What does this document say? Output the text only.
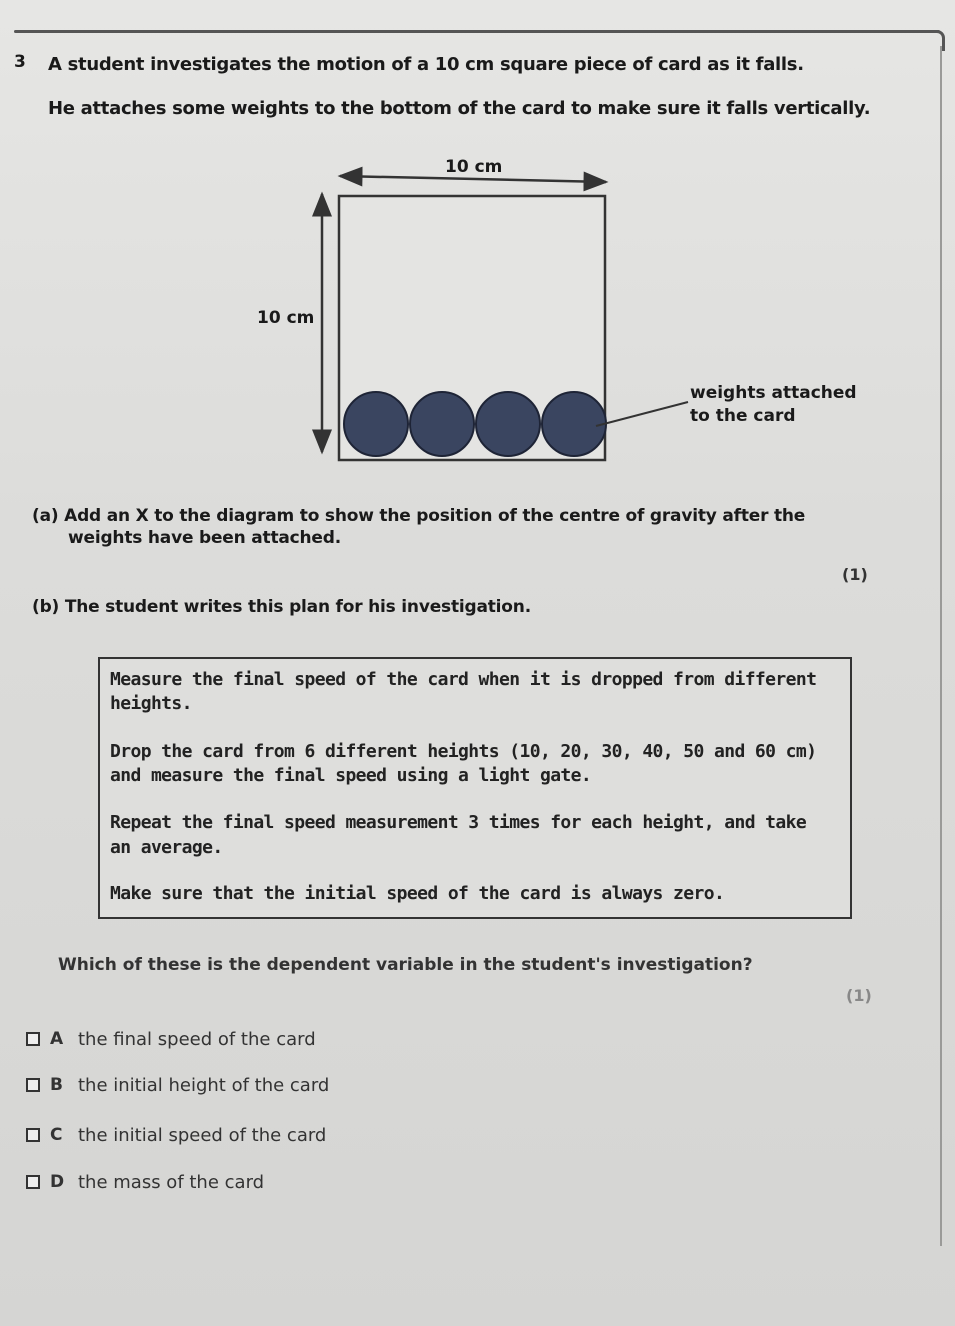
3 A student investigates the motion of a 10 cm square piece of card as it falls.
He attaches some weights to the bottom of the card to make sure it falls vertically.
10 cm
10 cm
weights attached
to the card
(a) Add an X to the diagram to show the position of the centre of gravity after the
weights have been attached.
(1)
(b) The student writes this plan for his investigation.
Measure the final speed of the card when it is dropped from different
heights.
Drop the card from 6 different heights (10, 20, 30, 40, 50 and 60 cm)
and measure the final speed using a light gate.
Repeat the final speed measurement 3 times for each height, and take
an average.
Make sure that the initial speed of the card is always zero.
Which of these is the dependent variable in the student's investigation?
(1)
A the final speed of the card
B the initial height of the card
C the initial speed of the card
D the mass of the card
